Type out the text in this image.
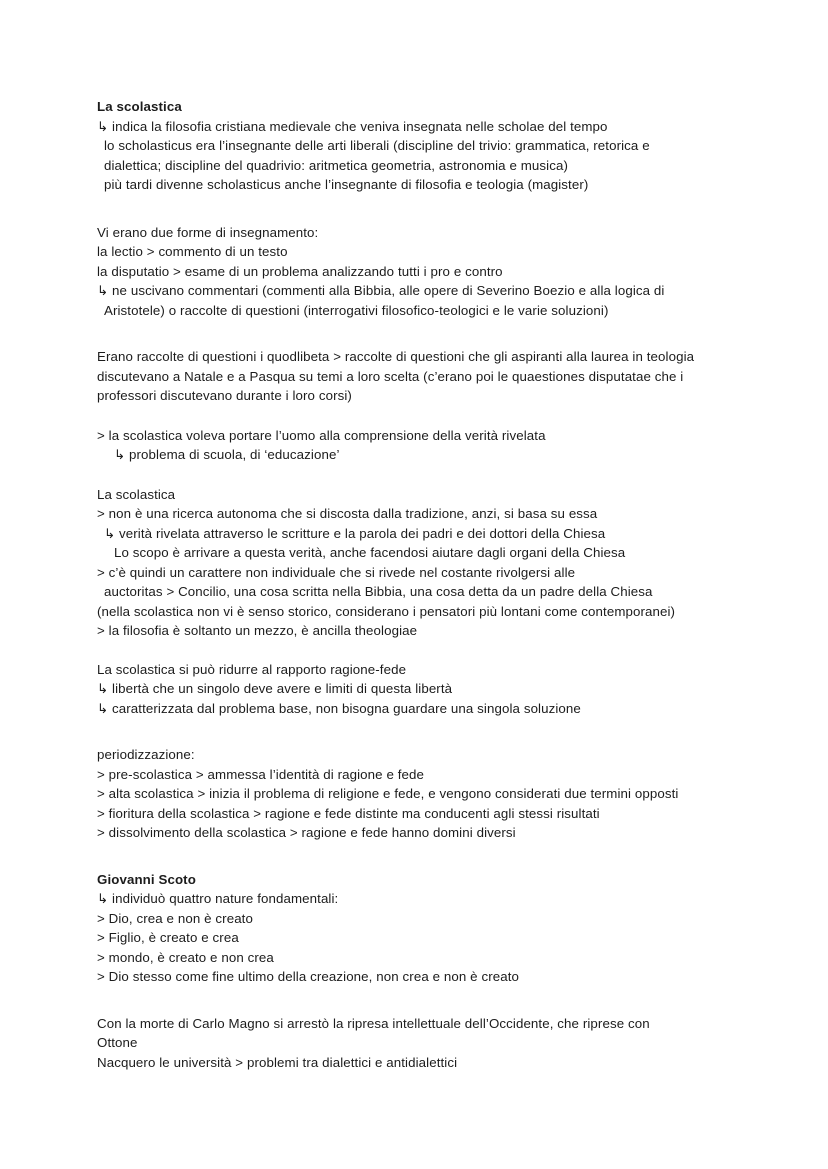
La scolastica
↳ indica la filosofia cristiana medievale che veniva insegnata nelle scholae del tempo
lo scholasticus era l’insegnante delle arti liberali (discipline del trivio: grammatica, retorica e
dialettica; discipline del quadrivio: aritmetica geometria, astronomia e musica)
più tardi divenne scholasticus anche l’insegnante di filosofia e teologia (magister)
Vi erano due forme di insegnamento:
la lectio > commento di un testo
la disputatio > esame di un problema analizzando tutti i pro e contro
↳ ne uscivano commentari (commenti alla Bibbia, alle opere di Severino Boezio e alla logica di
Aristotele) o raccolte di questioni (interrogativi filosofico-teologici e le varie soluzioni)
Erano raccolte di questioni i quodlibeta > raccolte di questioni che gli aspiranti alla laurea in teologia
discutevano a Natale e a Pasqua su temi a loro scelta (c’erano poi le quaestiones disputatae che i
professori discutevano durante i loro corsi)
> la scolastica voleva portare l’uomo alla comprensione della verità rivelata
↳ problema di scuola, di ‘educazione’
La scolastica
> non è una ricerca autonoma che si discosta dalla tradizione, anzi, si basa su essa
↳ verità rivelata attraverso le scritture e la parola dei padri e dei dottori della Chiesa
Lo scopo è arrivare a questa verità, anche facendosi aiutare dagli organi della Chiesa
> c’è quindi un carattere non individuale che si rivede nel costante rivolgersi alle
auctoritas > Concilio, una cosa scritta nella Bibbia, una cosa detta da un padre della Chiesa
(nella scolastica non vi è senso storico, considerano i pensatori più lontani come contemporanei)
> la filosofia è soltanto un mezzo, è ancilla theologiae
La scolastica si può ridurre al rapporto ragione-fede
↳ libertà che un singolo deve avere e limiti di questa libertà
↳ caratterizzata dal problema base, non bisogna guardare una singola soluzione
periodizzazione:
> pre-scolastica > ammessa l’identità di ragione e fede
> alta scolastica > inizia il problema di religione e fede, e vengono considerati due termini opposti
> fioritura della scolastica > ragione e fede distinte ma conducenti agli stessi risultati
> dissolvimento della scolastica > ragione e fede hanno domini diversi
Giovanni Scoto
↳ individuò quattro nature fondamentali:
> Dio, crea e non è creato
> Figlio, è creato e crea
> mondo, è creato e non crea
> Dio stesso come fine ultimo della creazione, non crea e non è creato
Con la morte di Carlo Magno si arrestò la ripresa intellettuale dell’Occidente, che riprese con
Ottone
Nacquero le università > problemi tra dialettici e antidialettici
